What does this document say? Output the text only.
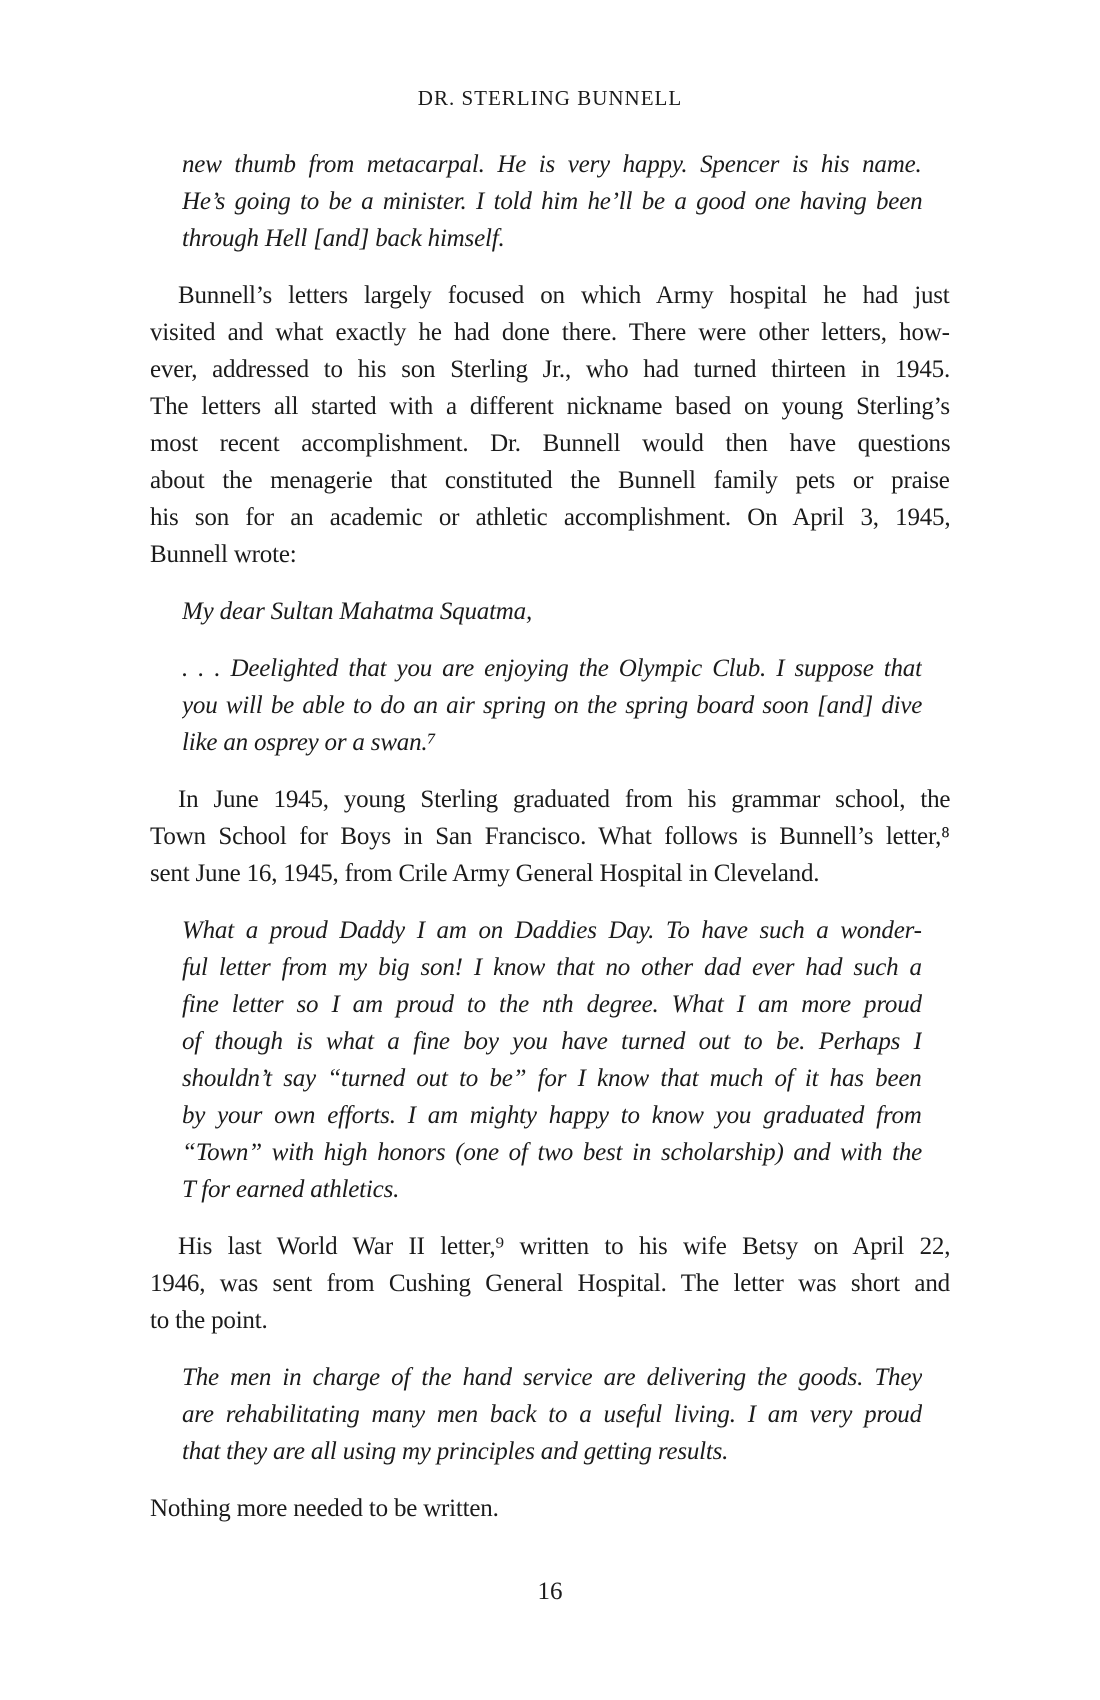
DR. STERLING BUNNELL
new thumb from metacarpal. He is very happy. Spencer is his name.
He’s going to be a minister. I told him he’ll be a good one having been
through Hell [and] back himself.
Bunnell’s letters largely focused on which Army hospital he had just
visited and what exactly he had done there. There were other letters, how-
ever, addressed to his son Sterling Jr., who had turned thirteen in 1945.
The letters all started with a different nickname based on young Sterling’s
most recent accomplishment. Dr. Bunnell would then have questions
about the menagerie that constituted the Bunnell family pets or praise
his son for an academic or athletic accomplishment. On April 3, 1945,
Bunnell wrote:
My dear Sultan Mahatma Squatma,
. . . Deelighted that you are enjoying the Olympic Club. I suppose that
you will be able to do an air spring on the spring board soon [and] dive
like an osprey or a swan.⁷
In June 1945, young Sterling graduated from his grammar school, the
Town School for Boys in San Francisco. What follows is Bunnell’s letter,⁸
sent June 16, 1945, from Crile Army General Hospital in Cleveland.
What a proud Daddy I am on Daddies Day. To have such a wonder-
ful letter from my big son! I know that no other dad ever had such a
fine letter so I am proud to the nth degree. What I am more proud
of though is what a fine boy you have turned out to be. Perhaps I
shouldn’t say “turned out to be” for I know that much of it has been
by your own efforts. I am mighty happy to know you graduated from
“Town” with high honors (one of two best in scholarship) and with the
T for earned athletics.
His last World War II letter,⁹ written to his wife Betsy on April 22,
1946, was sent from Cushing General Hospital. The letter was short and
to the point.
The men in charge of the hand service are delivering the goods. They
are rehabilitating many men back to a useful living. I am very proud
that they are all using my principles and getting results.
Nothing more needed to be written.
16
